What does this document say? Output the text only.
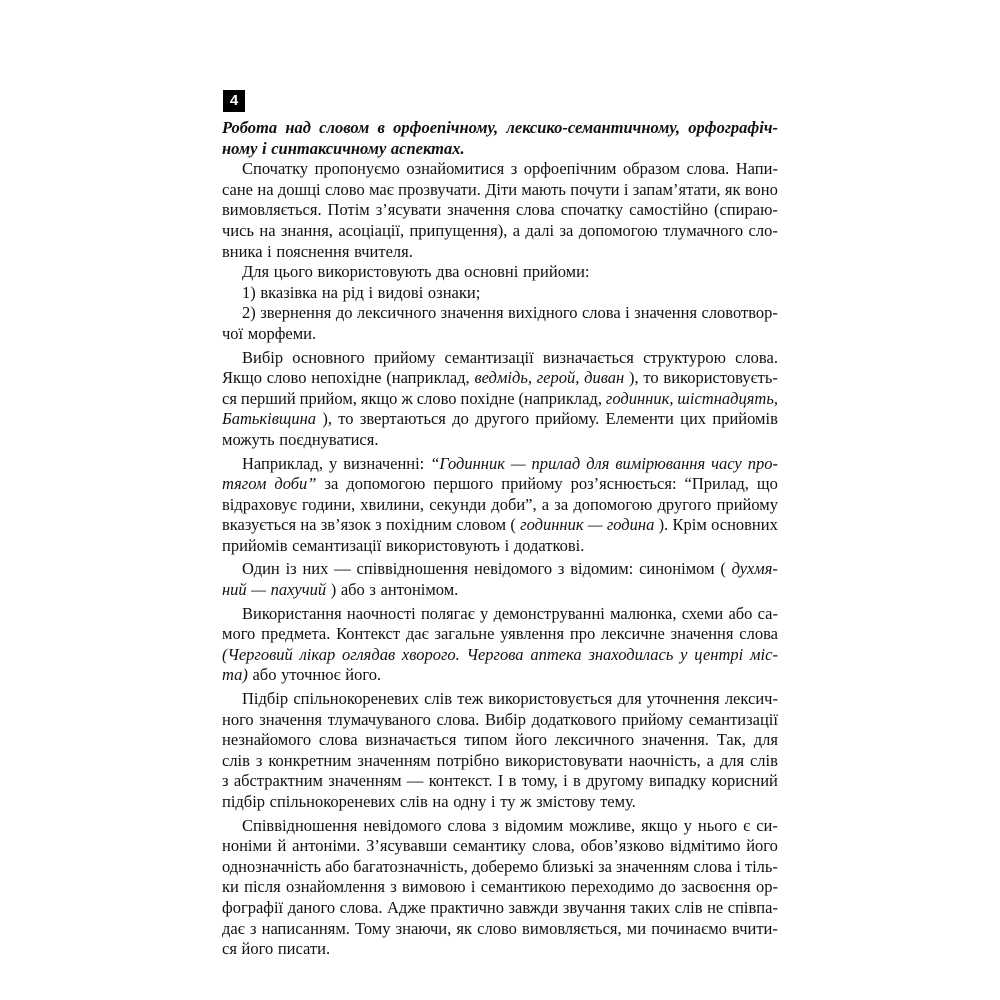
4
Робота над словом в орфоепічному, лексико-семантичному, орфографіч-
ному і синтаксичному аспектах.
Спочатку пропонуємо ознайомитися з орфоепічним образом слова. Напи-
сане на дошці слово має прозвучати. Діти мають почути і запам’ятати, як воно
вимовляється. Потім з’ясувати значення слова спочатку самостійно (спираю-
чись на знання, асоціації, припущення), а далі за допомогою тлумачного сло-
вника і пояснення вчителя.
Для цього використовують два основні прийоми:
1) вказівка на рід і видові ознаки;
2) звернення до лексичного значення вихідного слова і значення словотвор-
чої морфеми.
Вибір основного прийому семантизації визначається структурою слова.
Якщо слово непохідне (наприклад, ведмідь, герой, диван ), то використовуєть-
ся перший прийом, якщо ж слово похідне (наприклад, годинник, шістнадцять,
Батьківщина ), то звертаються до другого прийому. Елементи цих прийомів
можуть поєднуватися.
Наприклад, у визначенні: “Годинник — прилад для вимірювання часу про-
тягом доби” за допомогою першого прийому роз’яснюється: “Прилад, що
відраховує години, хвилини, секунди доби”, а за допомогою другого прийому
вказується на зв’язок з похідним словом ( годинник — година ). Крім основних
прийомів семантизації використовують і додаткові.
Один із них — співвідношення невідомого з відомим: синонімом ( духмя-
ний — пахучий ) або з антонімом.
Використання наочності полягає у демонструванні малюнка, схеми або са-
мого предмета. Контекст дає загальне уявлення про лексичне значення слова
(Черговий лікар оглядав хворого. Чергова аптека знаходилась у центрі міс-
та) або уточнює його.
Підбір спільнокореневих слів теж використовується для уточнення лексич-
ного значення тлумачуваного слова. Вибір додаткового прийому семантизації
незнайомого слова визначається типом його лексичного значення. Так, для
слів з конкретним значенням потрібно використовувати наочність, а для слів
з абстрактним значенням — контекст. І в тому, і в другому випадку корисний
підбір спільнокореневих слів на одну і ту ж змістову тему.
Співвідношення невідомого слова з відомим можливе, якщо у нього є си-
ноніми й антоніми. З’ясувавши семантику слова, обов’язково відмітимо його
однозначність або багатозначність, доберемо близькі за значенням слова і тіль-
ки після ознайомлення з вимовою і семантикою переходимо до засвоєння ор-
фографії даного слова. Адже практично завжди звучання таких слів не співпа-
дає з написанням. Тому знаючи, як слово вимовляється, ми починаємо вчити-
ся його писати.
